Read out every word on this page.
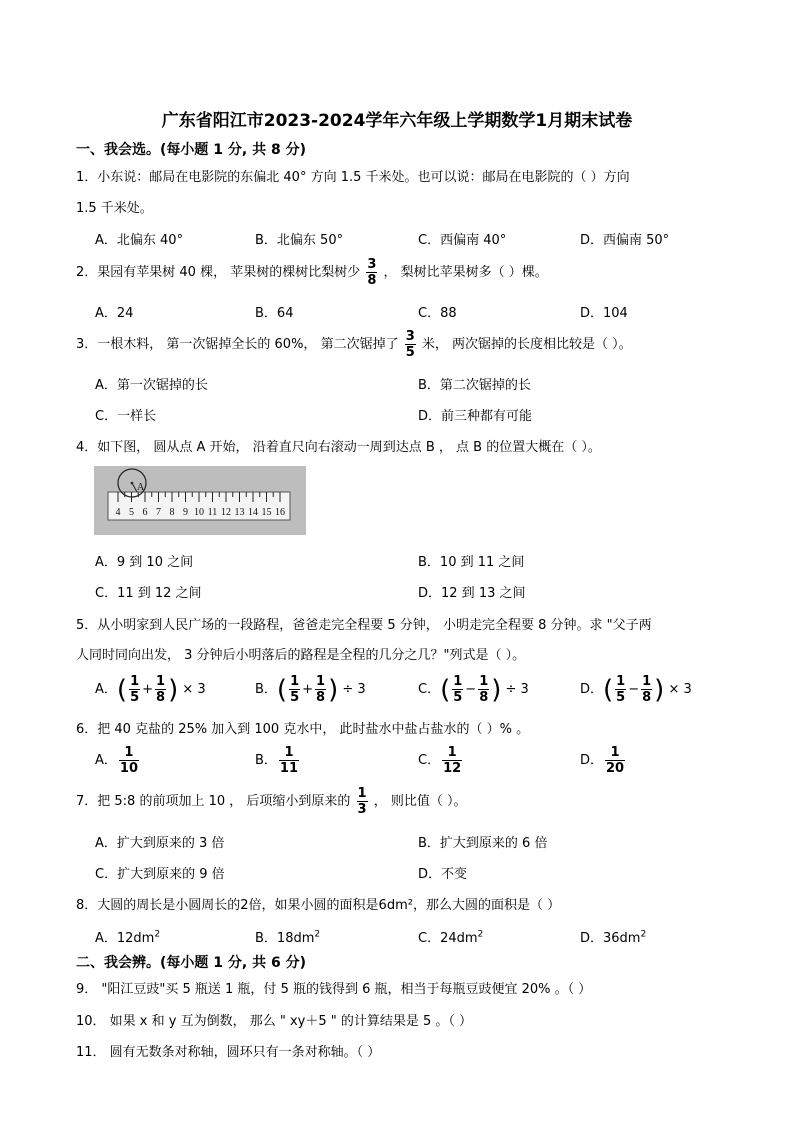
广东省阳江市2023-2024学年六年级上学期数学1月期末试卷
一、我会选。(每小题 1 分, 共 8 分)
1．小东说：邮局在电影院的东偏北 40° 方向 1.5 千米处。也可以说：邮局在电影院的（ ）方向
1.5 千米处。
A．北偏东 40°	B．北偏东 50°	C．西偏南 40°	D．西偏南 50°
2．果园有苹果树 40 棵， 苹果树的棵树比梨树少 $\frac{3}{8}$ ， 梨树比苹果树多（ ）棵。
A．24	B．64	C．88	D．104
3．一根木料， 第一次锯掉全长的 60%， 第二次锯掉了 $\frac{3}{5}$ 米， 两次锯掉的长度相比较是（ ）。
A．第一次锯掉的长	B．第二次锯掉的长
C．一样长	D．前三种都有可能
4．如下图， 圆从点 A 开始， 沿着直尺向右滚动一周到达点 B ， 点 B 的位置大概在（ ）。
4 5 6 7 8 9 10 11 12 13 14 15 16
A
A．9 到 10 之间	B．10 到 11 之间
C．11 到 12 之间	D．12 到 13 之间
5．从小明家到人民广场的一段路程，爸爸走完全程要 5 分钟， 小明走完全程要 8 分钟。求 "父子两
人同时同向出发， 3 分钟后小明落后的路程是全程的几分之几？"列式是（ ）。
A．( $\frac{1}{5} + \frac{1}{8}$ ) × 3	B．( $\frac{1}{5} + \frac{1}{8}$ ) ÷ 3	C．( $\frac{1}{5} - \frac{1}{8}$ ) ÷ 3	D．( $\frac{1}{5} - \frac{1}{8}$ ) × 3
6．把 40 克盐的 25% 加入到 100 克水中， 此时盐水中盐占盐水的（ ）% 。
A． $\frac{1}{10}$	B． $\frac{1}{11}$	C． $\frac{1}{12}$	D． $\frac{1}{20}$
7．把 5:8 的前项加上 10 ， 后项缩小到原来的 $\frac{1}{3}$ ， 则比值（ ）。
A．扩大到原来的 3 倍	B．扩大到原来的 6 倍
C．扩大到原来的 9 倍	D．不变
8．大圆的周长是小圆周长的2倍，如果小圆的面积是6dm²，那么大圆的面积是（ ）
A．$12dm^2$	B．$18dm^2$	C．$24dm^2$	D．$36dm^2$
二、我会辨。(每小题 1 分, 共 6 分)
9． "阳江豆豉"买 5 瓶送 1 瓶，付 5 瓶的钱得到 6 瓶，相当于每瓶豆豉便宜 20% 。（ ）
10． 如果 x 和 y 互为倒数， 那么 " xy＋5 " 的计算结果是 5 。（ ）
11． 圆有无数条对称轴，圆环只有一条对称轴。（ ）
